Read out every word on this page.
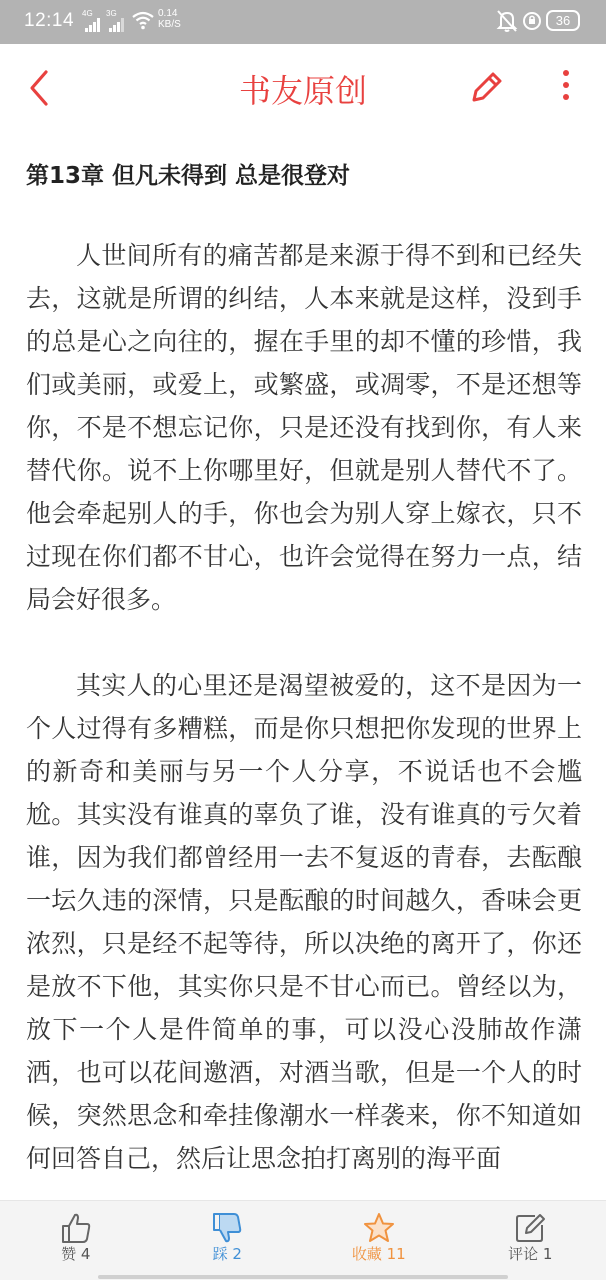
12:14 4G 3G	0.14
KB/S	36
书友原创
第13章 但凡未得到 总是很登对

人世间所有的痛苦都是来源于得不到和已经失去，这就是所谓的纠结，人本来就是这样，没到手的总是心之向往的，握在手里的却不懂的珍惜，我们或美丽，或爱上，或繁盛，或凋零，不是还想等你，不是不想忘记你，只是还没有找到你，有人来替代你。说不上你哪里好，但就是别人替代不了。他会牵起别人的手，你也会为别人穿上嫁衣，只不过现在你们都不甘心，也许会觉得在努力一点，结局会好很多。

其实人的心里还是渴望被爱的，这不是因为一个人过得有多糟糕，而是你只想把你发现的世界上的新奇和美丽与另一个人分享，不说话也不会尴尬。其实没有谁真的辜负了谁，没有谁真的亏欠着谁，因为我们都曾经用一去不复返的青春，去酝酿一坛久违的深情，只是酝酿的时间越久，香味会更浓烈，只是经不起等待，所以决绝的离开了，你还是放不下他，其实你只是不甘心而已。曾经以为，放下一个人是件简单的事，可以没心没肺故作潇洒，也可以花间邀酒，对酒当歌，但是一个人的时候，突然思念和牵挂像潮水一样袭来，你不知道如何回答自己，然后让思念拍打离别的海平面

赞 4	踩 2	收藏 11	评论 1
